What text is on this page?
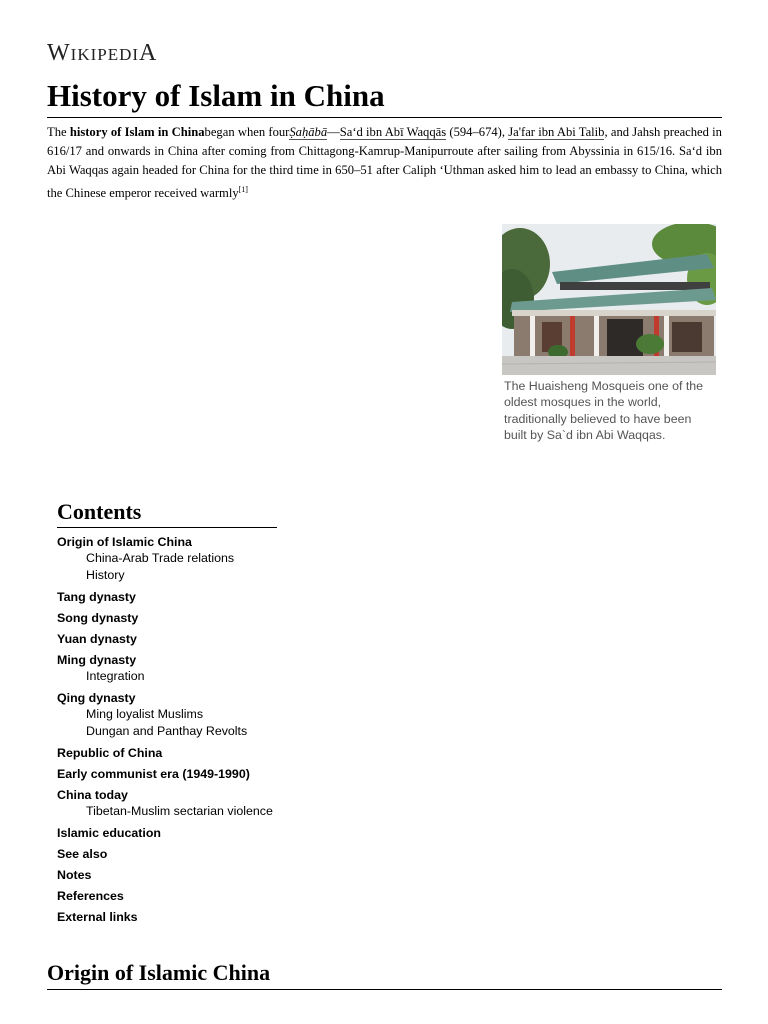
WIKIPEDIA
History of Islam in China

The history of Islam in Chinabegan when fourṢaḥābā—Sa‘d ibn Abī Waqqās (594–674), Ja'far ibn Abi Talib, and Jahsh preached in 616/17 and onwards in China after coming from Chittagong-Kamrup-Manipurroute after sailing from Abyssinia in 615/16. Sa‘d ibn Abi Waqqas again headed for China for the third time in 650–51 after Caliph ‘Uthman asked him to lead an embassy to China, which the Chinese emperor received warmly[1]

The Huaisheng Mosqueis one of the oldest mosques in the world, traditionally believed to have been built by Sa`d ibn Abi Waqqas.
Contents
Origin of Islamic China
China-Arab Trade relations
History
Tang dynasty
Song dynasty
Yuan dynasty
Ming dynasty
Integration
Qing dynasty
Ming loyalist Muslims
Dungan and Panthay Revolts
Republic of China
Early communist era (1949-1990)
China today
Tibetan-Muslim sectarian violence
Islamic education
See also
Notes
References
External links
Origin of Islamic China
